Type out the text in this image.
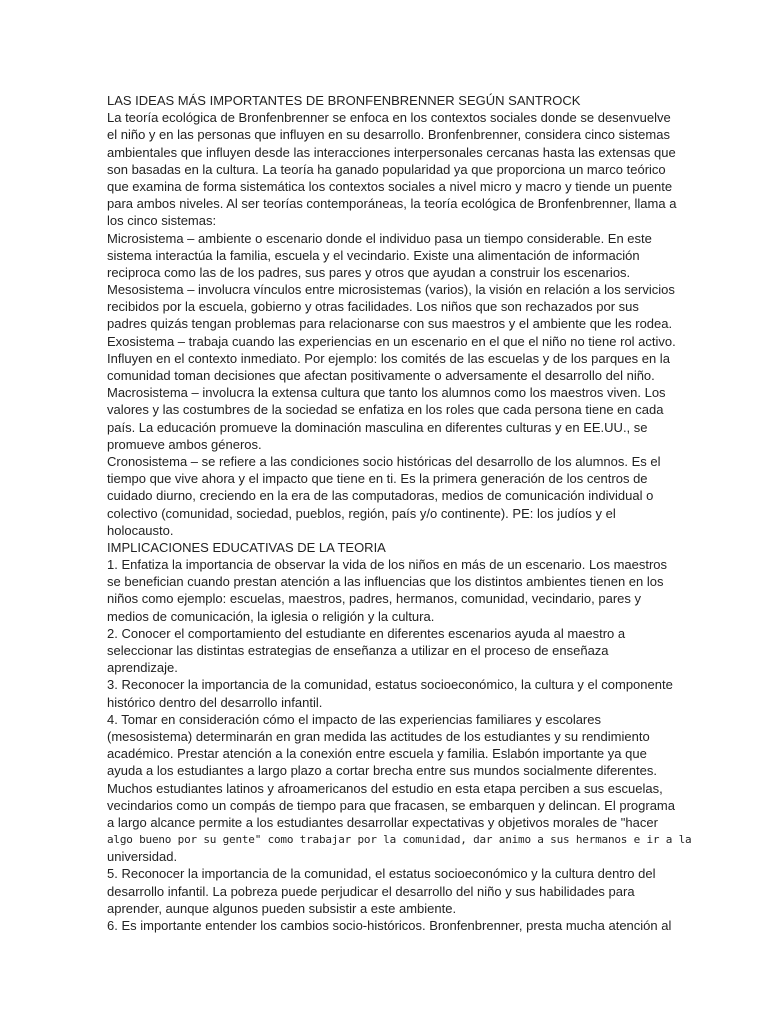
LAS IDEAS MÁS IMPORTANTES DE BRONFENBRENNER SEGÚN SANTROCK
La teoría ecológica de Bronfenbrenner se enfoca en los contextos sociales donde se desenvuelve
el niño y en las personas que influyen en su desarrollo. Bronfenbrenner, considera cinco sistemas
ambientales que influyen desde las interacciones interpersonales cercanas hasta las extensas que
son basadas en la cultura. La teoría ha ganado popularidad ya que proporciona un marco teórico
que examina de forma sistemática los contextos sociales a nivel micro y macro y tiende un puente
para ambos niveles. Al ser teorías contemporáneas, la teoría ecológica de Bronfenbrenner, llama a
los cinco sistemas:
Microsistema – ambiente o escenario donde el individuo pasa un tiempo considerable. En este
sistema interactúa la familia, escuela y el vecindario. Existe una alimentación de información
reciproca como las de los padres, sus pares y otros que ayudan a construir los escenarios.
Mesosistema – involucra vínculos entre microsistemas (varios), la visión en relación a los servicios
recibidos por la escuela, gobierno y otras facilidades. Los niños que son rechazados por sus
padres quizás tengan problemas para relacionarse con sus maestros y el ambiente que les rodea.
Exosistema – trabaja cuando las experiencias en un escenario en el que el niño no tiene rol activo.
Influyen en el contexto inmediato. Por ejemplo: los comités de las escuelas y de los parques en la
comunidad toman decisiones que afectan positivamente o adversamente el desarrollo del niño.
Macrosistema – involucra la extensa cultura que tanto los alumnos como los maestros viven. Los
valores y las costumbres de la sociedad se enfatiza en los roles que cada persona tiene en cada
país. La educación promueve la dominación masculina en diferentes culturas y en EE.UU., se
promueve ambos géneros.
Cronosistema – se refiere a las condiciones socio históricas del desarrollo de los alumnos. Es el
tiempo que vive ahora y el impacto que tiene en ti. Es la primera generación de los centros de
cuidado diurno, creciendo en la era de las computadoras, medios de comunicación individual o
colectivo (comunidad, sociedad, pueblos, región, país y/o continente). PE: los judíos y el
holocausto.
IMPLICACIONES EDUCATIVAS DE LA TEORIA
1. Enfatiza la importancia de observar la vida de los niños en más de un escenario. Los maestros
se benefician cuando prestan atención a las influencias que los distintos ambientes tienen en los
niños como ejemplo: escuelas, maestros, padres, hermanos, comunidad, vecindario, pares y
medios de comunicación, la iglesia o religión y la cultura.
2. Conocer el comportamiento del estudiante en diferentes escenarios ayuda al maestro a
seleccionar las distintas estrategias de enseñanza a utilizar en el proceso de enseñaza
aprendizaje.
3. Reconocer la importancia de la comunidad, estatus socioeconómico, la cultura y el componente
histórico dentro del desarrollo infantil.
4. Tomar en consideración cómo el impacto de las experiencias familiares y escolares
(mesosistema) determinarán en gran medida las actitudes de los estudiantes y su rendimiento
académico. Prestar atención a la conexión entre escuela y familia. Eslabón importante ya que
ayuda a los estudiantes a largo plazo a cortar brecha entre sus mundos socialmente diferentes.
Muchos estudiantes latinos y afroamericanos del estudio en esta etapa perciben a sus escuelas,
vecindarios como un compás de tiempo para que fracasen, se embarquen y delincan. El programa
a largo alcance permite a los estudiantes desarrollar expectativas y objetivos morales de "hacer
algo bueno por su gente" como trabajar por la comunidad, dar animo a sus hermanos e ir a la
universidad.
5. Reconocer la importancia de la comunidad, el estatus socioeconómico y la cultura dentro del
desarrollo infantil. La pobreza puede perjudicar el desarrollo del niño y sus habilidades para
aprender, aunque algunos pueden subsistir a este ambiente.
6. Es importante entender los cambios socio-históricos. Bronfenbrenner, presta mucha atención al
